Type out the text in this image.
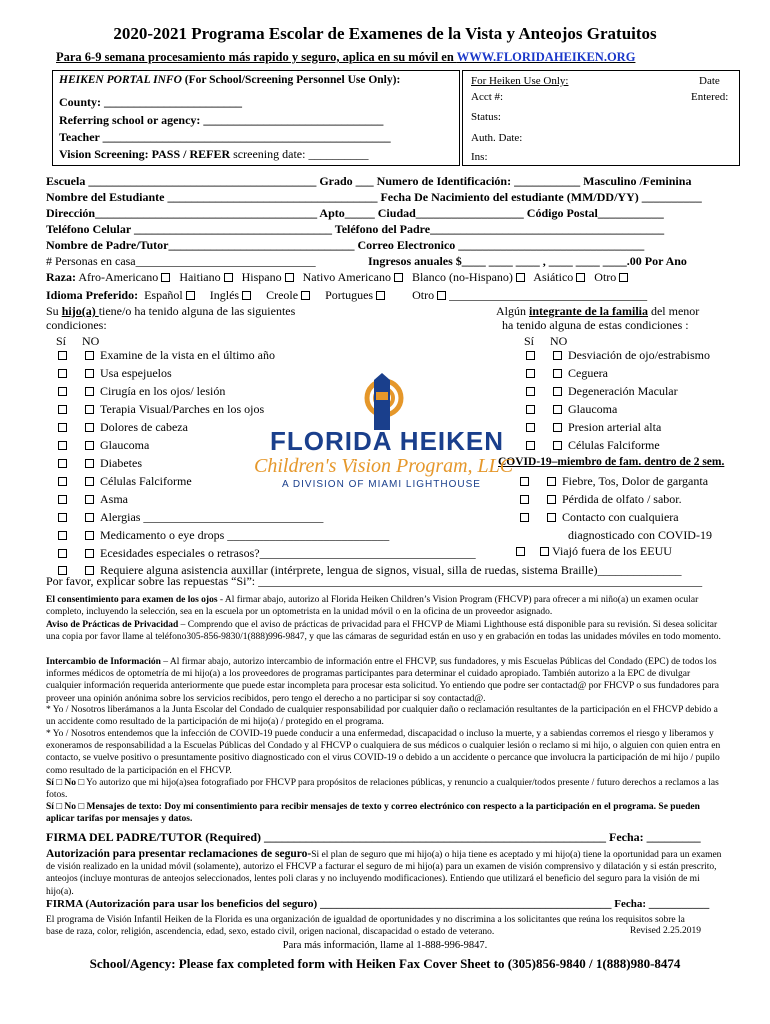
2020-2021 Programa Escolar de Examenes de la Vista y Anteojos Gratuitos
Para 6-9 semana procesamiento más rapido y seguro, aplica en su móvil en WWW.FLORIDAHEIKEN.ORG
HEIKEN PORTAL INFO (For School/Screening Personnel Use Only):
County: _______________________
Referring school or agency: ______________________________
Teacher ________________________________________________
Vision Screening: PASS / REFER screening date: __________
For Heiken Use Only:	Date
Acct #:	Entered:
Status:
Auth. Date:
Ins:
Escuela ______________________________________ Grado ___ Numero de Identificación: ___________ Masculino /Feminina
Nombre del Estudiante ___________________________________ Fecha De Nacimiento del estudiante (MM/DD/YY) __________
Dirección_____________________________________ Apto_____ Ciudad__________________ Código Postal___________
Teléfono Celular _________________________________ Teléfono del Padre_______________________________________
Nombre de Padre/Tutor_______________________________ Correo Electronico _______________________________
# Personas en casa______________________________	Ingresos anuales $____ ____ ____ , ____ ____ ____.00 Por Ano
Raza: Afro-Americano Haitiano Hispano Nativo Americano Blanco (no-Hispano) Asiático Otro
Idioma Preferido: Español Inglés Creole Portugues	Otro _________________________________
Su hijo(a) tiene/o ha tenido alguna de las siguientes
condiciones:
Sí NO
Algún integrante de la familia del menor
ha tenido alguna de estas condiciones :
Sí NO
Examine de la vista en el último año
Usa espejuelos
Cirugía en los ojos/ lesión
Terapia Visual/Parches en los ojos
Dolores de cabeza
Glaucoma
Diabetes
Células Falciforme
Asma
Alergias ______________________________
Medicamento o eye drops ___________________________
Ecesidades especiales o retrasos?____________________________________
Requiere alguna asistencia auxillar (intérprete, lengua de signos, visual, silla de ruedas, sistema Braille)______________
Desviación de ojo/estrabismo
Ceguera
Degeneración Macular
Glaucoma
Presion arterial alta
Células Falciforme
COVID-19–miembro de fam. dentro de 2 sem.
Fiebre, Tos, Dolor de garganta
Pérdida de olfato / sabor.
Contacto con cualquiera
diagnosticado con COVID-19
Viajó fuera de los EEUU
FLORIDA HEIKEN
Children's Vision Program, LLC
A DIVISION OF MIAMI LIGHTHOUSE
Por favor, explicar sobre las repuestas “Si”: __________________________________________________________________________
El consentimiento para examen de los ojos - Al firmar abajo, autorizo al Florida Heiken Children’s Vision Program (FHCVP) para ofrecer a mi niño(a) un examen ocular completo, incluyendo la selección, sea en la escuela por un optometrista en la unidad móvil o en la oficina de un proveedor asignado.
Aviso de Prácticas de Privacidad – Comprendo que el aviso de prácticas de privacidad para el FHCVP de Miami Lighthouse está disponible para su revisión. Si desea solicitar una copia por favor llame al teléfono305-856-9830/1(888)996-9847, y que las cámaras de seguridad están en uso y en grabación en todas las unidades móviles en todo momento.
Intercambio de Información – Al firmar abajo, autorizo intercambio de información entre el FHCVP, sus fundadores, y mis Escuelas Públicas del Condado (EPC) de todos los informes médicos de optometría de mi hijo(a) a los proveedores de programas participantes para determinar el cuidado apropiado. También autorizo a la EPC de divulgar cualquier información requerida anteriormente que puede estar incompleta para procesar esta solicitud. Yo entiendo que podre ser contactad@ por FHCVP o sus fundadores para proveer una opinión anónima sobre los servicios recibidos, pero tengo el derecho a no participar si soy contactad@.
* Yo / Nosotros liberámanos a la Junta Escolar del Condado de cualquier responsabilidad por cualquier daño o reclamación resultantes de la participación en el FHCVP debido a un accidente como resultado de la participación de mi hijo(a) / protegido en el programa.
* Yo / Nosotros entendemos que la infección de COVID-19 puede conducir a una enfermedad, discapacidad o incluso la muerte, y a sabiendas corremos el riesgo y liberamos y exoneramos de responsabilidad a la Escuelas Públicas del Condado y al FHCVP o cualquiera de sus médicos o cualquier lesión o reclamo si mi hijo, o alguien con quien entra en contacto, se vuelve positivo o presuntamente positivo diagnosticado con el virus COVID-19 o debido a un accidente o percance que involucra la participación de mi hijo / pupilo como resultado de la participación en el FHCVP.
Sí □ No □ Yo autorizo que mi hijo(a)sea fotografiado por FHCVP para propósitos de relaciones públicas, y renuncio a cualquier/todos presente / futuro derechos a reclamos a las fotos.
Sí □ No □ Mensajes de texto: Doy mi consentimiento para recibir mensajes de texto y correo electrónico con respecto a la participación en el programa. Se pueden aplicar tarifas por mensajes y datos.
FIRMA DEL PADRE/TUTOR (Required) _________________________________________________________ Fecha: _________
Autorización para presentar reclamaciones de seguro-Si el plan de seguro que mi hijo(a) o hija tiene es aceptado y mi hijo(a) tiene la oportunidad para un examen de visión realizado en la unidad móvil (solamente), autorizo el FHCVP a facturar el seguro de mi hijo(a) para un examen de visión comprensivo y dilatación y si están prescrito, anteojos (incluye monturas de anteojos seleccionados, lentes poli claras y no incluyendo modificaciones). Entiendo que utilizará el beneficio del seguro para la visión de mi hijo(a).
FIRMA (Autorización para usar los beneficios del seguro) _____________________________________________________ Fecha: ___________
El programa de Visión Infantil Heiken de la Florida es una organización de igualdad de oportunidades y no discrimina a los solicitantes que reúna los requisitos sobre la base de raza, color, religión, ascendencia, edad, sexo, estado civil, origen nacional, discapacidad o estado de veterano.	Revised 2.25.2019
Para más información, llame al 1-888-996-9847.
School/Agency: Please fax completed form with Heiken Fax Cover Sheet to (305)856-9840 / 1(888)980-8474
